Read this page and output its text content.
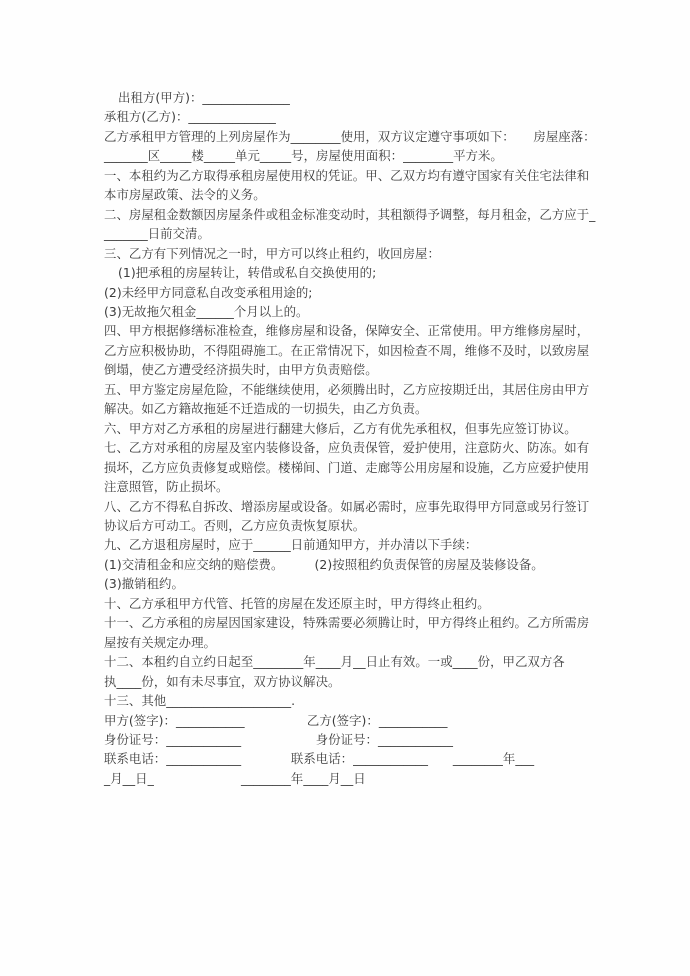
出租方(甲方)：______________
承租方(乙方)：______________
乙方承租甲方管理的上列房屋作为________使用，双方议定遵守事项如下：　　房屋座落：
_______区_____楼_____单元_____号，房屋使用面积：________平方米。
一、本租约为乙方取得承租房屋使用权的凭证。甲、乙双方均有遵守国家有关住宅法律和
本市房屋政策、法令的义务。
二、房屋租金数额因房屋条件或租金标准变动时，其租额得予调整，每月租金，乙方应于_
_______日前交清。
三、乙方有下列情况之一时，甲方可以终止租约，收回房屋：
(1)把承租的房屋转让，转借或私自交换使用的;
(2)未经甲方同意私自改变承租用途的;
(3)无故拖欠租金______个月以上的。
四、甲方根据修缮标准检查，维修房屋和设备，保障安全、正常使用。甲方维修房屋时，
乙方应积极协助，不得阻碍施工。在正常情况下，如因检查不周，维修不及时，以致房屋
倒塌，使乙方遭受经济损失时，由甲方负责赔偿。
五、甲方鉴定房屋危险，不能继续使用，必须腾出时，乙方应按期迁出，其居住房由甲方
解决。如乙方籍故拖延不迁造成的一切损失，由乙方负责。
六、甲方对乙方承租的房屋进行翻建大修后，乙方有优先承租权，但事先应签订协议。
七、乙方对承租的房屋及室内装修设备，应负责保管，爱护使用，注意防火、防冻。如有
损坏，乙方应负责修复或赔偿。楼梯间、门道、走廊等公用房屋和设施，乙方应爱护使用
注意照管，防止损坏。
八、乙方不得私自拆改、增添房屋或设备。如属必需时，应事先取得甲方同意或另行签订
协议后方可动工。否则，乙方应负责恢复原状。
九、乙方退租房屋时，应于______日前通知甲方，并办清以下手续：
(1)交清租金和应交纳的赔偿费。　　　(2)按照租约负责保管的房屋及装修设备。
(3)撤销租约。
十、乙方承租甲方代管、托管的房屋在发还原主时，甲方得终止租约。
十一、乙方承租的房屋因国家建设，特殊需要必须腾让时，甲方得终止租约。乙方所需房
屋按有关规定办理。
十二、本租约自立约日起至________年____月__日止有效。一或____份，甲乙双方各
执____份，如有未尽事宜，双方协议解决。
十三、其他____________________.
甲方(签字)：___________　　　　　乙方(签字)：___________
身份证号：____________　　　　　　身份证号：____________
联系电话：____________　　　　联系电话：____________　　________年___
_月__日_　　　　　　　________年____月__日
